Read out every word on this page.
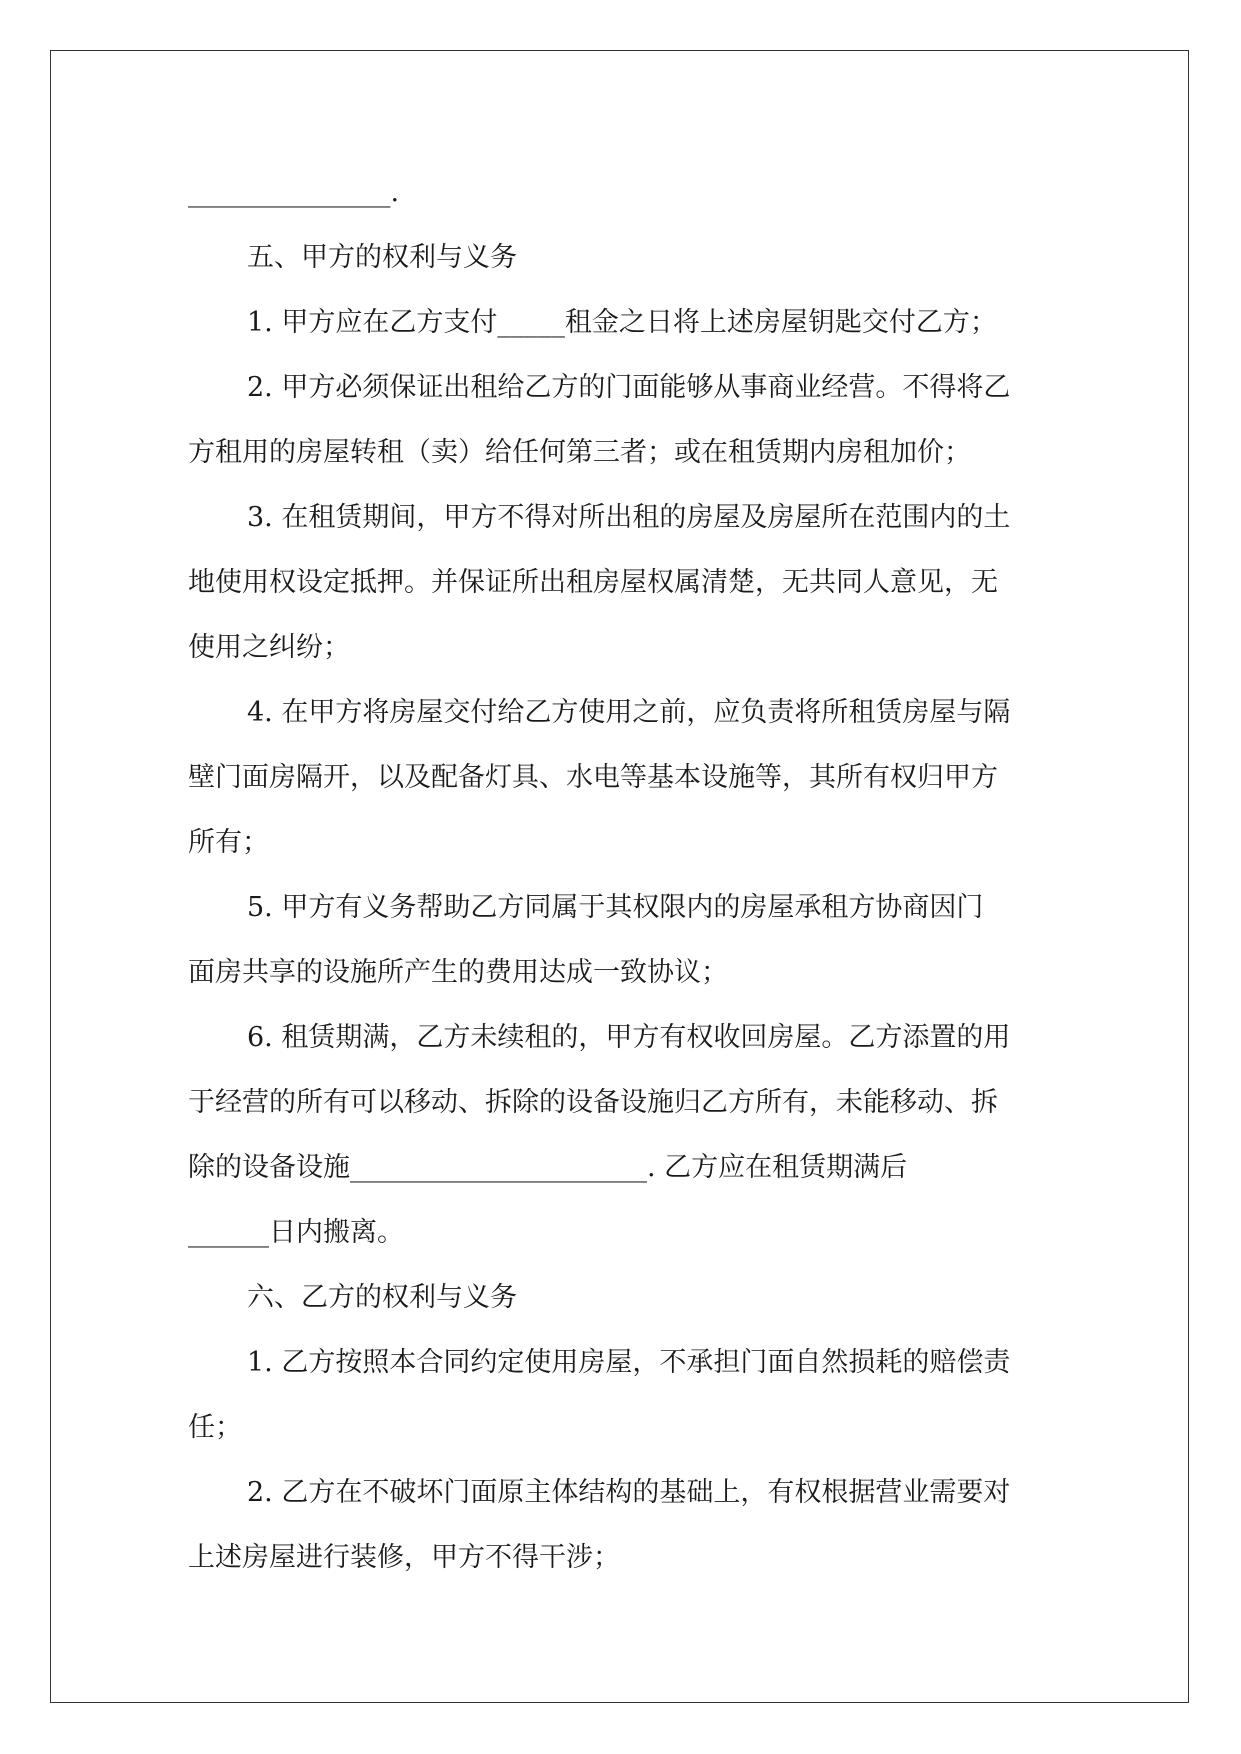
_______________.
五、甲方的权利与义务
1. 甲方应在乙方支付_____租金之日将上述房屋钥匙交付乙方；
2. 甲方必须保证出租给乙方的门面能够从事商业经营。不得将乙
方租用的房屋转租（卖）给任何第三者；或在租赁期内房租加价；
3. 在租赁期间，甲方不得对所出租的房屋及房屋所在范围内的土
地使用权设定抵押。并保证所出租房屋权属清楚，无共同人意见，无
使用之纠纷；
4. 在甲方将房屋交付给乙方使用之前，应负责将所租赁房屋与隔
壁门面房隔开，以及配备灯具、水电等基本设施等，其所有权归甲方
所有；
5. 甲方有义务帮助乙方同属于其权限内的房屋承租方协商因门
面房共享的设施所产生的费用达成一致协议；
6. 租赁期满，乙方未续租的，甲方有权收回房屋。乙方添置的用
于经营的所有可以移动、拆除的设备设施归乙方所有，未能移动、拆
除的设备设施______________________. 乙方应在租赁期满后
______日内搬离。
六、乙方的权利与义务
1. 乙方按照本合同约定使用房屋，不承担门面自然损耗的赔偿责
任；
2. 乙方在不破坏门面原主体结构的基础上，有权根据营业需要对
上述房屋进行装修，甲方不得干涉；
